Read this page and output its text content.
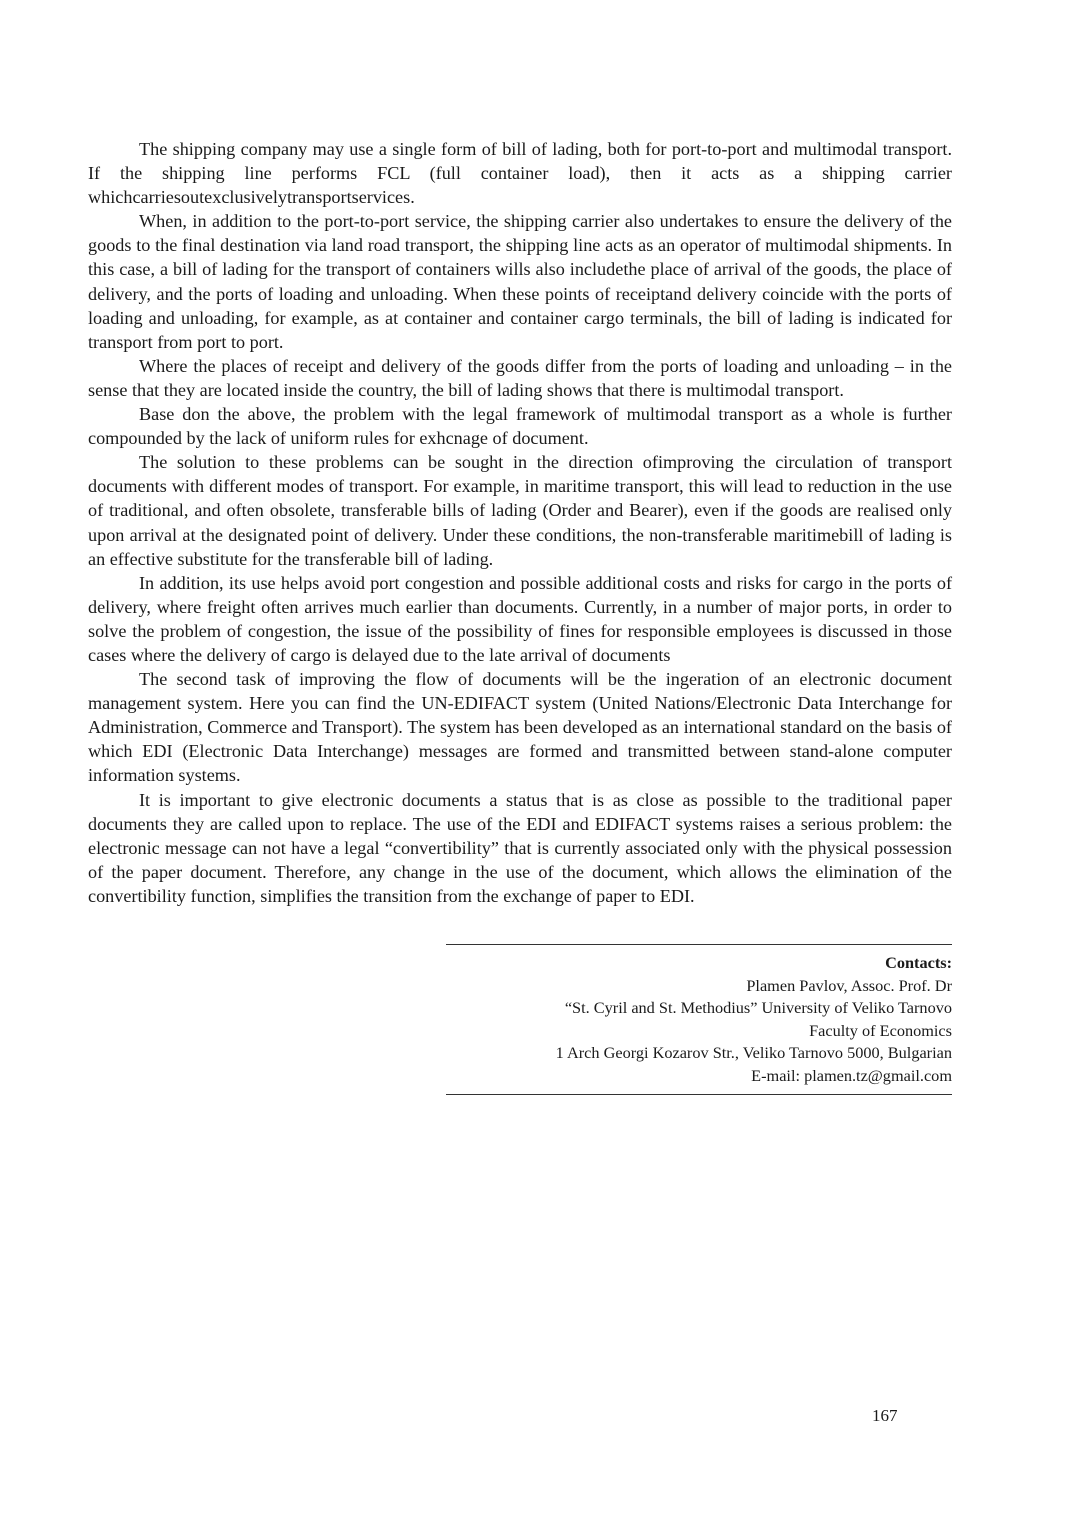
The shipping company may use a single form of bill of lading, both for port-to-port and multimodal transport. If the shipping line performs FCL (full container load), then it acts as a shipping carrier whichcarriesoutexclusivelytransportservices.

When, in addition to the port-to-port service, the shipping carrier also undertakes to ensure the delivery of the goods to the final destination via land road transport, the shipping line acts as an operator of multimodal shipments. In this case, a bill of lading for the transport of containers wills also includethe place of arrival of the goods, the place of delivery, and the ports of loading and unloading. When these points of receiptand delivery coincide with the ports of loading and unloading, for example, as at container and container cargo terminals, the bill of lading is indicated for transport from port to port.

Where the places of receipt and delivery of the goods differ from the ports of loading and unloading – in the sense that they are located inside the country, the bill of lading shows that there is multimodal transport.

Base don the above, the problem with the legal framework of multimodal transport as a whole is further compounded by the lack of uniform rules for exhcnage of document.

The solution to these problems can be sought in the direction ofimproving the circulation of transport documents with different modes of transport. For example, in maritime transport, this will lead to reduction in the use of traditional, and often obsolete, transferable bills of lading (Order and Bearer), even if the goods are realised only upon arrival at the designated point of delivery. Under these conditions, the non-transferable maritimebill of lading is an effective substitute for the transferable bill of lading.

In addition, its use helps avoid port congestion and possible additional costs and risks for cargo in the ports of delivery, where freight often arrives much earlier than documents. Currently, in a number of major ports, in order to solve the problem of congestion, the issue of the possibility of fines for responsible employees is discussed in those cases where the delivery of cargo is delayed due to the late arrival of documents

The second task of improving the flow of documents will be the ingeration of an electronic document management system. Here you can find the UN-EDIFACT system (United Nations/Electronic Data Interchange for Administration, Commerce and Transport). The system has been developed as an international standard on the basis of which EDI (Electronic Data Interchange) messages are formed and transmitted between stand-alone computer information systems.

It is important to give electronic documents a status that is as close as possible to the traditional paper documents they are called upon to replace. The use of the EDI and EDIFACT systems raises a serious problem: the electronic message can not have a legal “convertibility” that is currently associated only with the physical possession of the paper document. Therefore, any change in the use of the document, which allows the elimination of the convertibility function, simplifies the transition from the exchange of paper to EDI.

Contacts:
Plamen Pavlov, Assoc. Prof. Dr
“St. Cyril and St. Methodius” University of Veliko Tarnovo
Faculty of Economics
1 Arch Georgi Kozarov Str., Veliko Tarnovo 5000, Bulgarian
E-mail: plamen.tz@gmail.com
167
